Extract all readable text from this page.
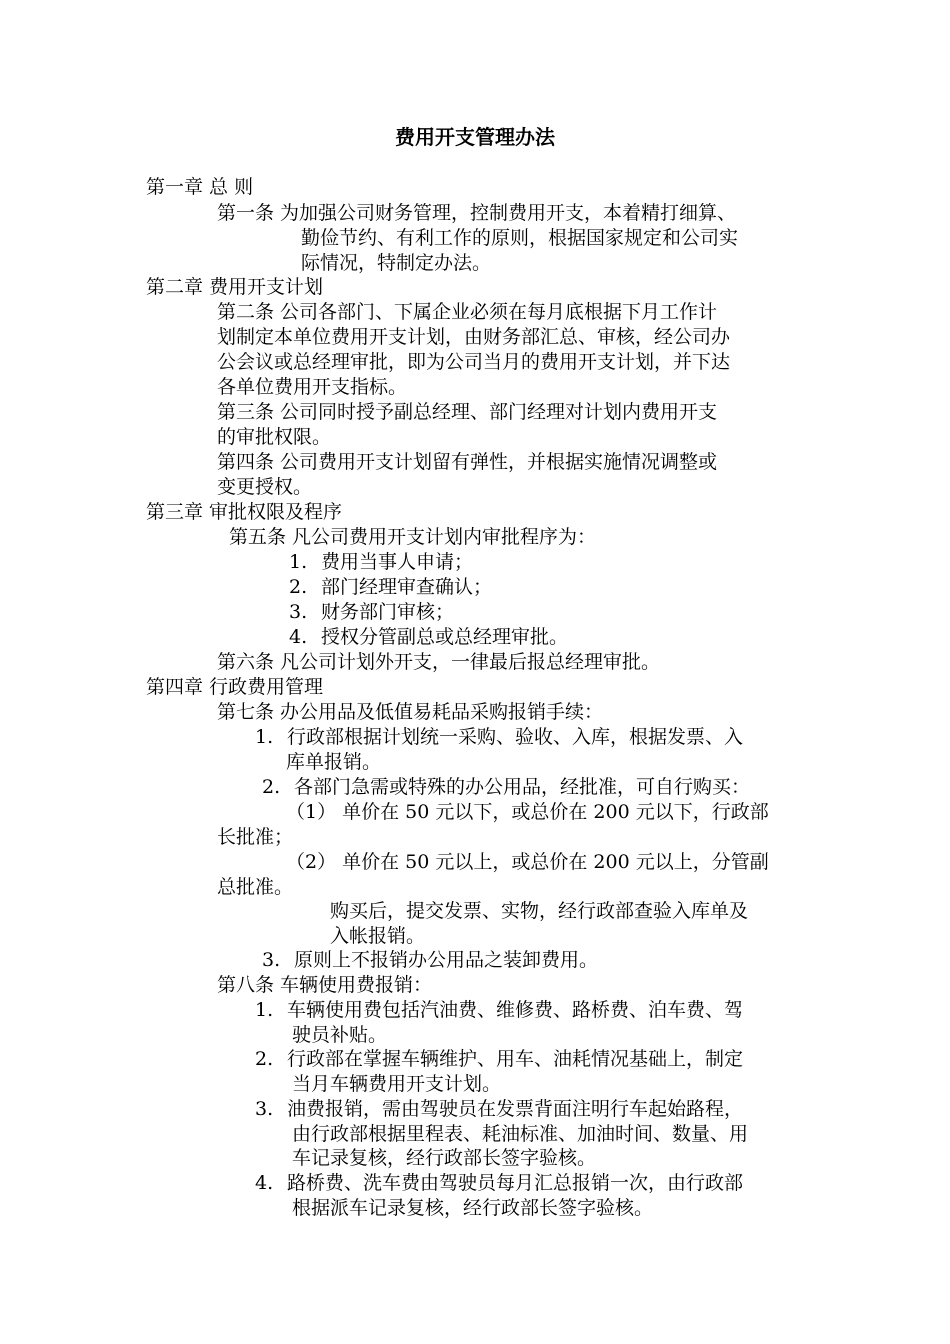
费用开支管理办法
第一章 总 则
第一条 为加强公司财务管理，控制费用开支，本着精打细算、
勤俭节约、有利工作的原则，根据国家规定和公司实
际情况，特制定办法。
第二章 费用开支计划
第二条 公司各部门、下属企业必须在每月底根据下月工作计
划制定本单位费用开支计划，由财务部汇总、审核，经公司办
公会议或总经理审批，即为公司当月的费用开支计划，并下达
各单位费用开支指标。
第三条 公司同时授予副总经理、部门经理对计划内费用开支
的审批权限。
第四条 公司费用开支计划留有弹性，并根据实施情况调整或
变更授权。
第三章 审批权限及程序
第五条 凡公司费用开支计划内审批程序为：
1. 费用当事人申请；
2. 部门经理审查确认；
3. 财务部门审核；
4. 授权分管副总或总经理审批。
第六条 凡公司计划外开支，一律最后报总经理审批。
第四章 行政费用管理
第七条 办公用品及低值易耗品采购报销手续：
1. 行政部根据计划统一采购、验收、入库，根据发票、入
库单报销。
2. 各部门急需或特殊的办公用品，经批准，可自行购买：
（1） 单价在 50 元以下，或总价在 200 元以下，行政部
长批准；
（2） 单价在 50 元以上，或总价在 200 元以上，分管副
总批准。
购买后，提交发票、实物，经行政部查验入库单及
入帐报销。
3. 原则上不报销办公用品之装卸费用。
第八条 车辆使用费报销：
1. 车辆使用费包括汽油费、维修费、路桥费、泊车费、驾
驶员补贴。
2. 行政部在掌握车辆维护、用车、油耗情况基础上，制定
当月车辆费用开支计划。
3. 油费报销，需由驾驶员在发票背面注明行车起始路程，
由行政部根据里程表、耗油标准、加油时间、数量、用
车记录复核，经行政部长签字验核。
4. 路桥费、洗车费由驾驶员每月汇总报销一次，由行政部
根据派车记录复核，经行政部长签字验核。
